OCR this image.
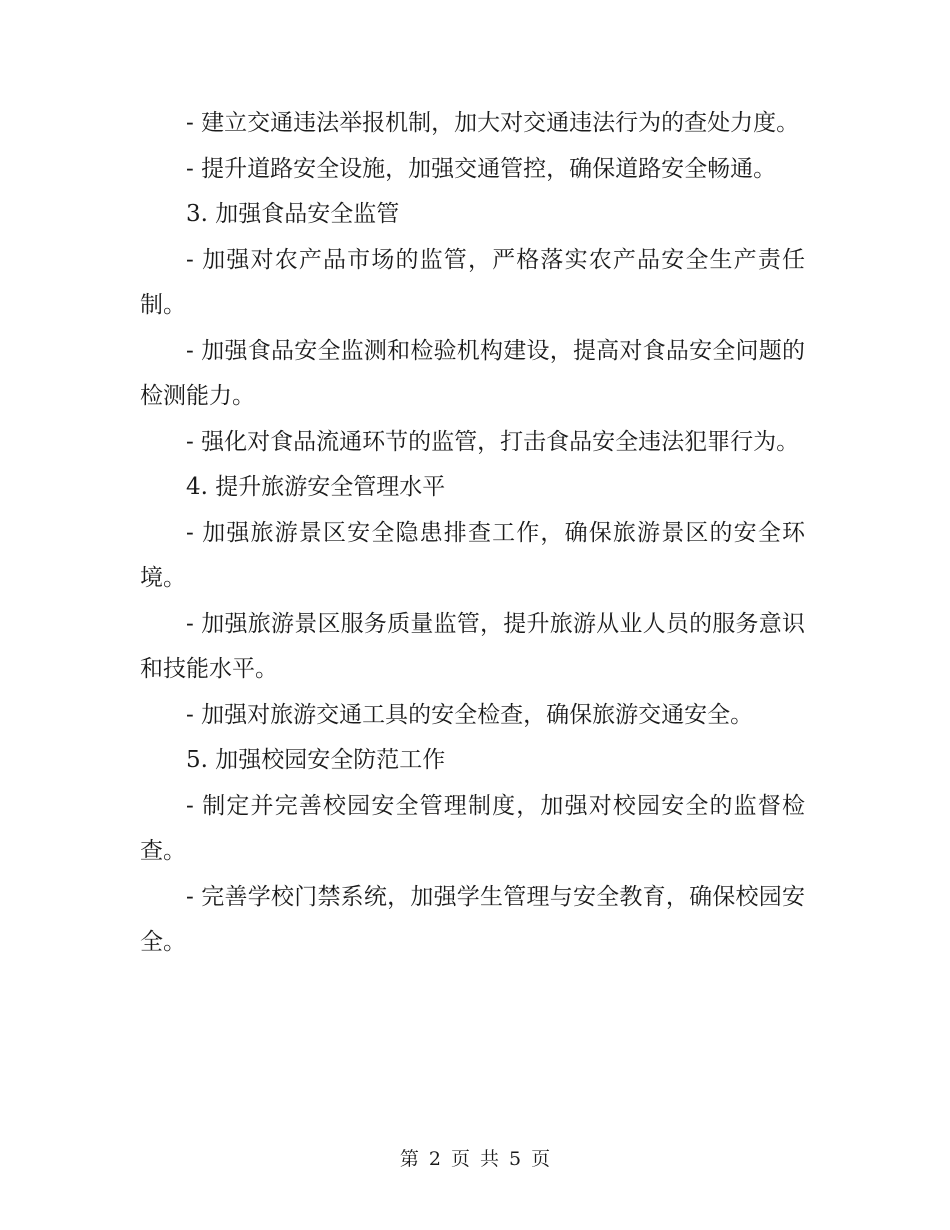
- 建立交通违法举报机制，加大对交通违法行为的查处力度。

- 提升道路安全设施，加强交通管控，确保道路安全畅通。

3. 加强食品安全监管

- 加强对农产品市场的监管，严格落实农产品安全生产责任制。

- 加强食品安全监测和检验机构建设，提高对食品安全问题的检测能力。

- 强化对食品流通环节的监管，打击食品安全违法犯罪行为。

4. 提升旅游安全管理水平

- 加强旅游景区安全隐患排查工作，确保旅游景区的安全环境。

- 加强旅游景区服务质量监管，提升旅游从业人员的服务意识和技能水平。

- 加强对旅游交通工具的安全检查，确保旅游交通安全。

5. 加强校园安全防范工作

- 制定并完善校园安全管理制度，加强对校园安全的监督检查。

- 完善学校门禁系统，加强学生管理与安全教育，确保校园安全。

第 2 页 共 5 页
